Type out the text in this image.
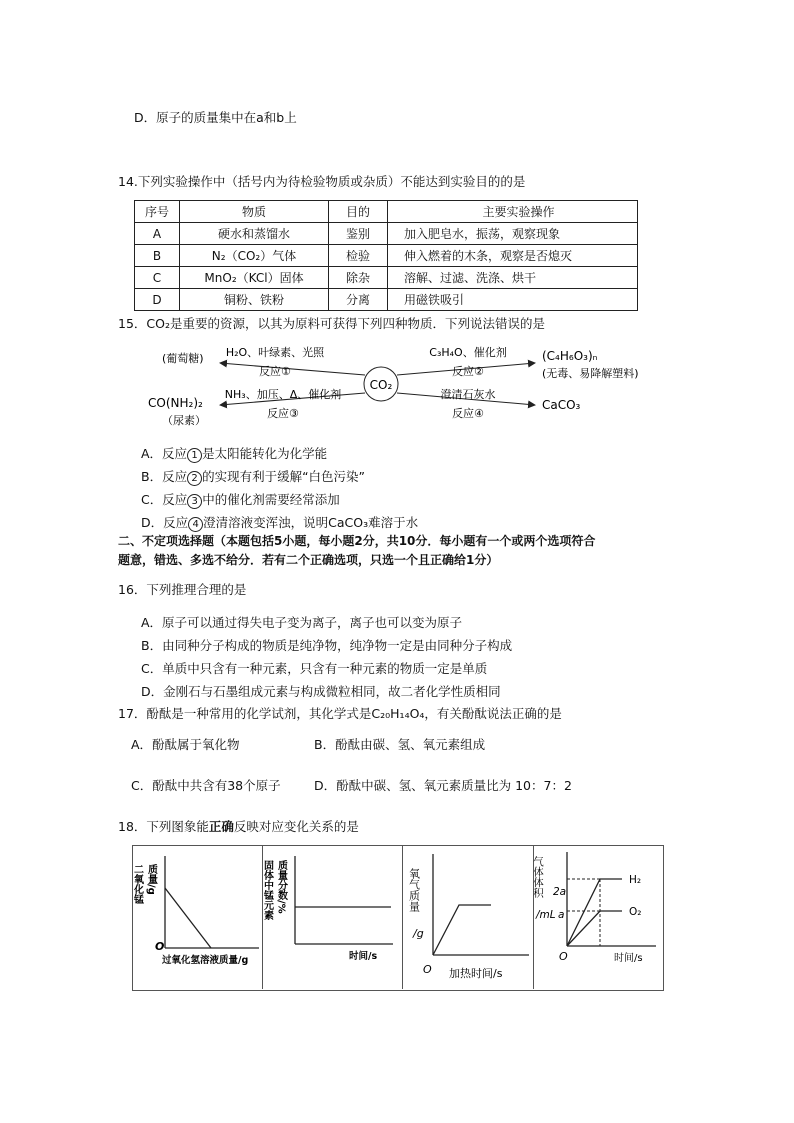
D．原子的质量集中在a和b上
14.下列实验操作中（括号内为待检验物质或杂质）不能达到实验目的的是
序号	物质	目的	主要实验操作
A	硬水和蒸馏水	鉴别	加入肥皂水，振荡，观察现象
B	N₂（CO₂）气体	检验	伸入燃着的木条，观察是否熄灭
C	MnO₂（KCl）固体	除杂	溶解、过滤、洗涤、烘干
D	铜粉、铁粉	分离	用磁铁吸引
15．CO₂是重要的资源，以其为原料可获得下列四种物质．下列说法错误的是
CO₂
(葡萄糖) H₂O、叶绿素、光照
反应①
C₃H₄O、催化剂
反应②
(C₄H₆O₃)ₙ
(无毒、易降解塑料)
NH₃、加压、Δ、催化剂
反应③
CO(NH₂)₂
（尿素）
澄清石灰水
反应④
CaCO₃
A．反应 1 是太阳能转化为化学能
B．反应 2 的实现有利于缓解“白色污染”
C．反应 3 中的催化剂需要经常添加
D．反应 4 澄清溶液变浑浊，说明CaCO₃难溶于水
二、不定项选择题（本题包括5小题，每小题2分，共10分．每小题有一个或两个选项符合
题意，错选、多选不给分．若有二个正确选项，只选一个且正确给1分）
16．下列推理合理的是
A．原子可以通过得失电子变为离子，离子也可以变为原子
B．由同种分子构成的物质是纯净物，纯净物一定是由同种分子构成
C．单质中只含有一种元素，只含有一种元素的物质一定是单质
D．金刚石与石墨组成元素与构成微粒相同，故二者化学性质相同
17．酚酞是一种常用的化学试剂，其化学式是C₂₀H₁₄O₄，有关酚酞说法正确的是
A．酚酞属于氧化物	B．酚酞由碳、氢、氧元素组成
C．酚酞中共含有38个原子	D．酚酞中碳、氢、氧元素质量比为 10：7：2
18．下列图象能正确反映对应变化关系的是
二氧化锰 质量/g
O
过氧化氢溶液质量/g
固体中锰元素 质量分数/%
时间/s
氧气质量
/g
O 加热时间/s
气体体积
/mL
2a
a
H₂
O₂
O	时间/s
